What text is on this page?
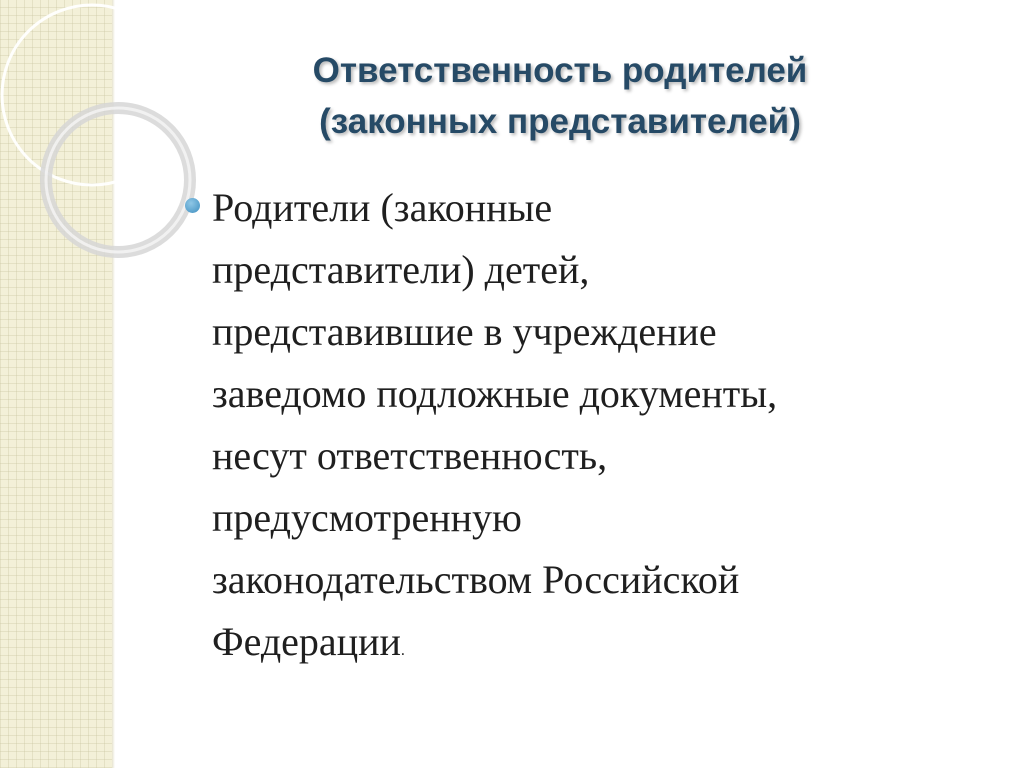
Ответственность родителей
(законных представителей)
Родители (законные
представители) детей,
представившие в учреждение
заведомо подложные документы,
несут ответственность,
предусмотренную
законодательством Российской
Федерации.
